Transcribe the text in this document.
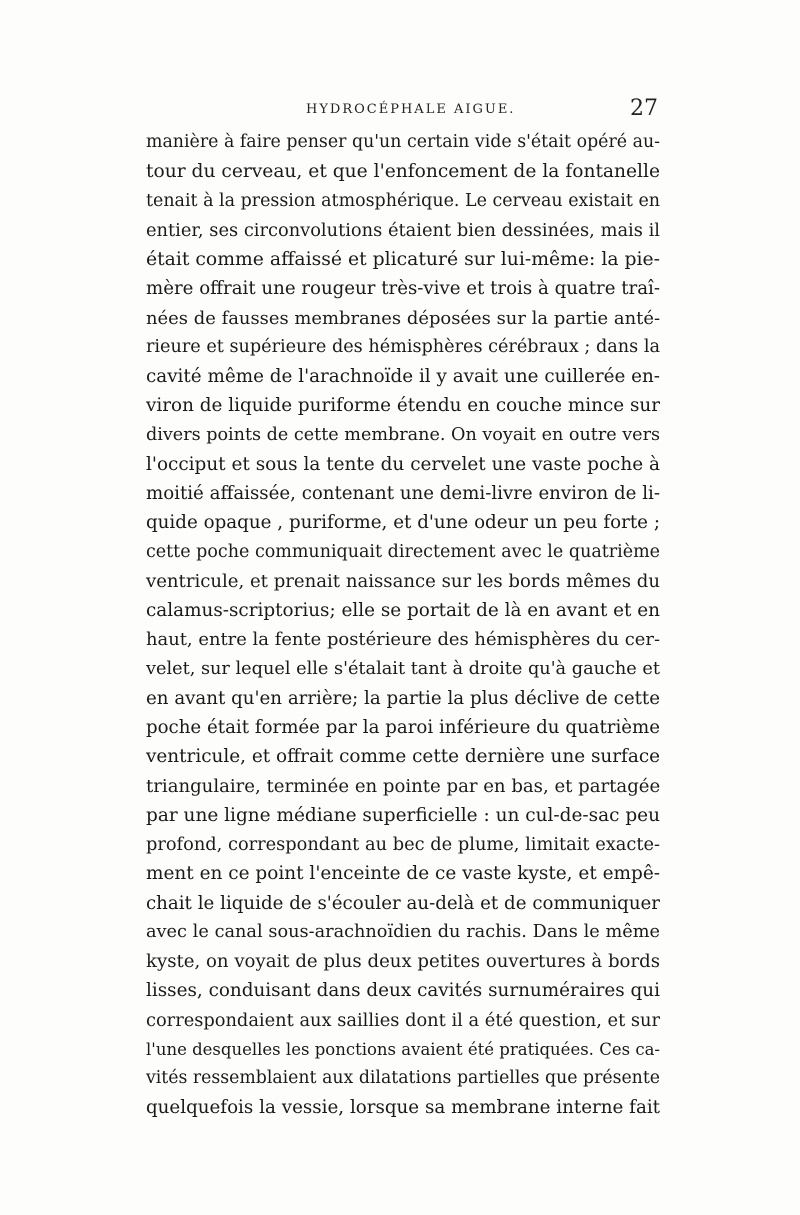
HYDROCÉPHALE AIGUE.	27
manière à faire penser qu'un certain vide s'était opéré au-
tour du cerveau, et que l'enfoncement de la fontanelle
tenait à la pression atmosphérique. Le cerveau existait en
entier, ses circonvolutions étaient bien dessinées, mais il
était comme affaissé et plicaturé sur lui-même: la pie-
mère offrait une rougeur très-vive et trois à quatre traî-
nées de fausses membranes déposées sur la partie anté-
rieure et supérieure des hémisphères cérébraux ; dans la
cavité même de l'arachnoïde il y avait une cuillerée en-
viron de liquide puriforme étendu en couche mince sur
divers points de cette membrane. On voyait en outre vers
l'occiput et sous la tente du cervelet une vaste poche à
moitié affaissée, contenant une demi-livre environ de li-
quide opaque , puriforme, et d'une odeur un peu forte ;
cette poche communiquait directement avec le quatrième
ventricule, et prenait naissance sur les bords mêmes du
calamus-scriptorius; elle se portait de là en avant et en
haut, entre la fente postérieure des hémisphères du cer-
velet, sur lequel elle s'étalait tant à droite qu'à gauche et
en avant qu'en arrière; la partie la plus déclive de cette
poche était formée par la paroi inférieure du quatrième
ventricule, et offrait comme cette dernière une surface
triangulaire, terminée en pointe par en bas, et partagée
par une ligne médiane superficielle : un cul-de-sac peu
profond, correspondant au bec de plume, limitait exacte-
ment en ce point l'enceinte de ce vaste kyste, et empê-
chait le liquide de s'écouler au-delà et de communiquer
avec le canal sous-arachnoïdien du rachis. Dans le même
kyste, on voyait de plus deux petites ouvertures à bords
lisses, conduisant dans deux cavités surnuméraires qui
correspondaient aux saillies dont il a été question, et sur
l'une desquelles les ponctions avaient été pratiquées. Ces ca-
vités ressemblaient aux dilatations partielles que présente
quelquefois la vessie, lorsque sa membrane interne fait
